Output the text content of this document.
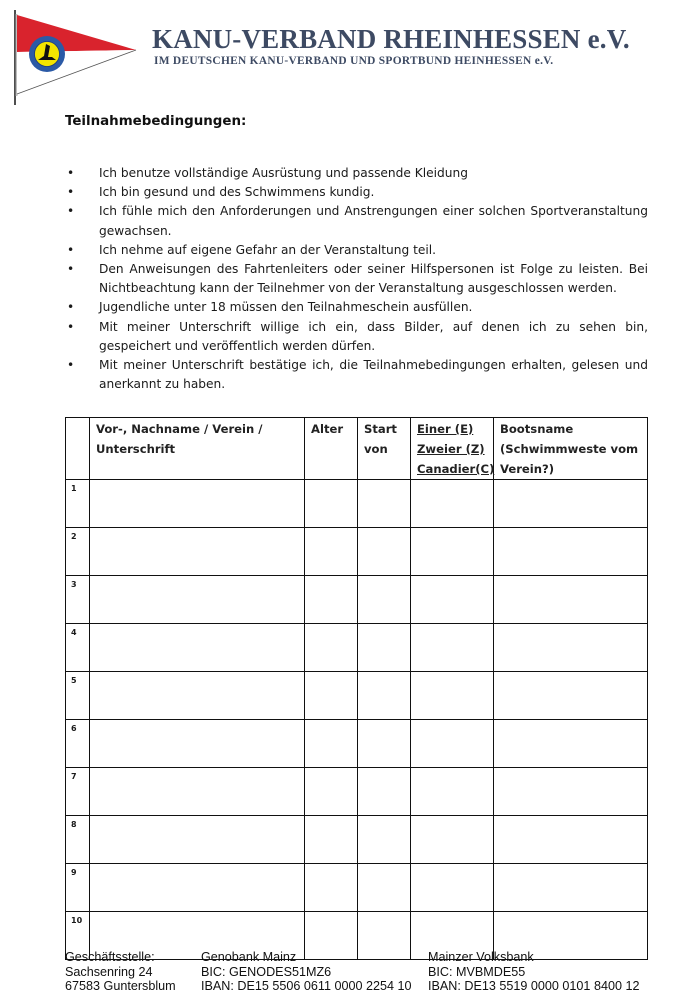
KANU-VERBAND RHEINHESSEN e.V.
IM DEUTSCHEN KANU-VERBAND UND SPORTBUND HEINHESSEN e.V.
Teilnahmebedingungen:
• Ich benutze vollständige Ausrüstung und passende Kleidung
• Ich bin gesund und des Schwimmens kundig.
• Ich fühle mich den Anforderungen und Anstrengungen einer solchen Sportveranstaltung gewachsen.
• Ich nehme auf eigene Gefahr an der Veranstaltung teil.
• Den Anweisungen des Fahrtenleiters oder seiner Hilfspersonen ist Folge zu leisten. Bei Nichtbeachtung kann der Teilnehmer von der Veranstaltung ausgeschlossen werden.
• Jugendliche unter 18 müssen den Teilnahmeschein ausfüllen.
• Mit meiner Unterschrift willige ich ein, dass Bilder, auf denen ich zu sehen bin, gespeichert und veröffentlich werden dürfen.
• Mit meiner Unterschrift bestätige ich, die Teilnahmebedingungen erhalten, gelesen und anerkannt zu haben.
	Vor-, Nachname / Verein /
Unterschrift	Alter	Start
von	Einer (E)
Zweier (Z)
Canadier(C)	Bootsname
(Schwimmweste vom
Verein?)
1					
2					
3					
4					
5					
6					
7					
8					
9					
10					
Geschäftsstelle:
Sachsenring 24
67583 Guntersblum
Genobank Mainz
BIC: GENODES51MZ6
IBAN: DE15 5506 0611 0000 2254 10
Mainzer Volksbank
BIC: MVBMDE55
IBAN: DE13 5519 0000 0101 8400 12
